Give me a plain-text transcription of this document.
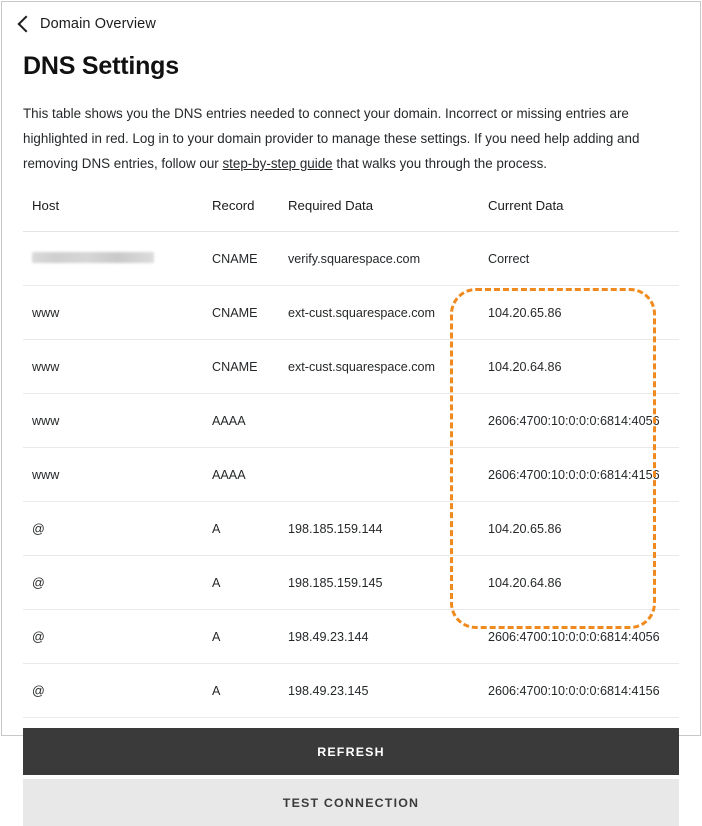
Domain Overview
DNS Settings

This table shows you the DNS entries needed to connect your domain. Incorrect or missing entries are highlighted in red. Log in to your domain provider to manage these settings. If you need help adding and removing DNS entries, follow our step-by-step guide that walks you through the process.

Host	Record	Required Data	Current Data
	CNAME	verify.squarespace.com	Correct
www	CNAME	ext-cust.squarespace.com	104.20.65.86
www	CNAME	ext-cust.squarespace.com	104.20.64.86
www	AAAA		2606:4700:10:0:0:0:6814:4056
www	AAAA		2606:4700:10:0:0:0:6814:4156
@	A	198.185.159.144	104.20.65.86
@	A	198.185.159.145	104.20.64.86
@	A	198.49.23.144	2606:4700:10:0:0:0:6814:4056
@	A	198.49.23.145	2606:4700:10:0:0:0:6814:4156
REFRESH
TEST CONNECTION
